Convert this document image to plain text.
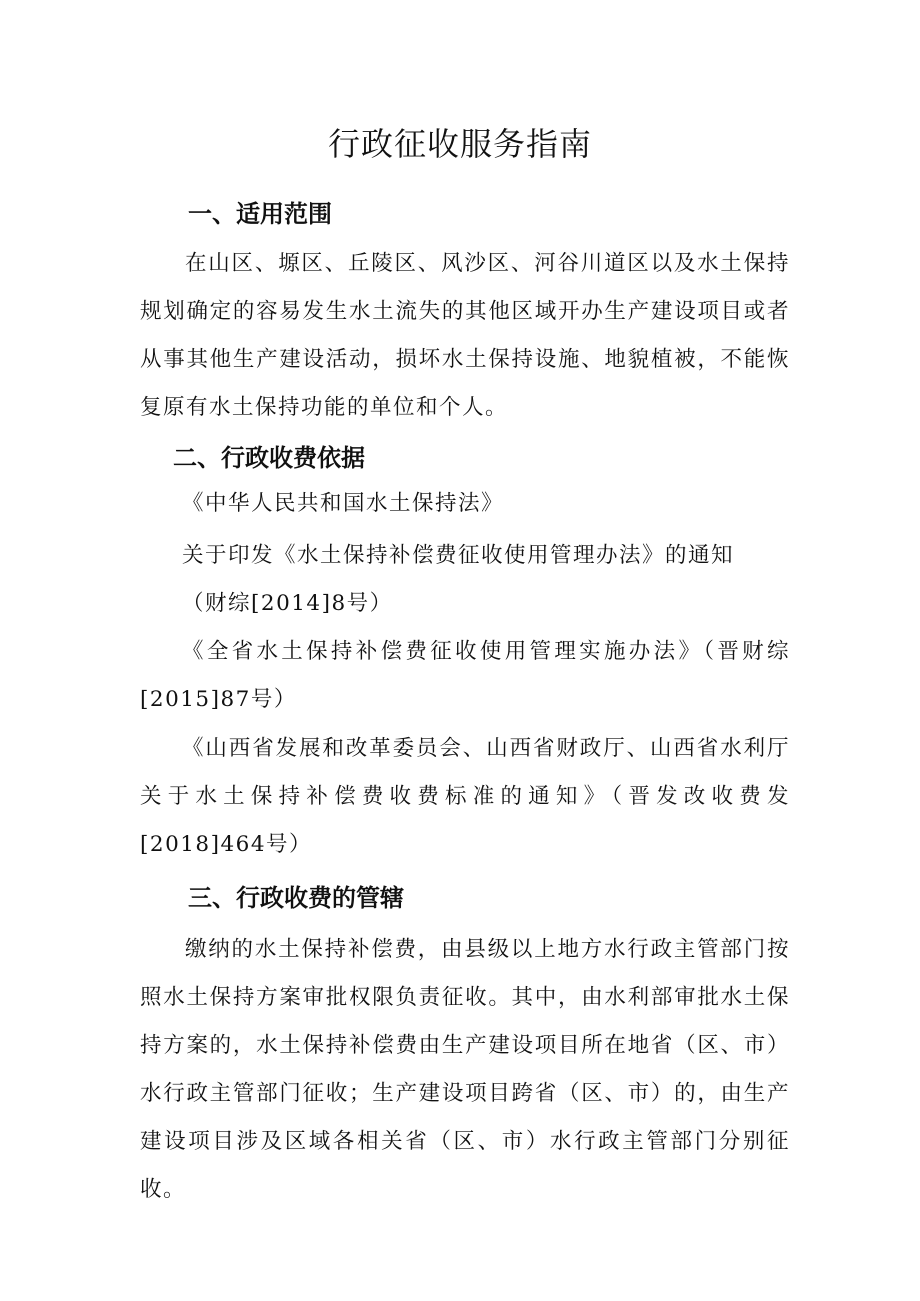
行政征收服务指南
一、适用范围
在山区、塬区、丘陵区、风沙区、河谷川道区以及水土保持规划确定的容易发生水土流失的其他区域开办生产建设项目或者从事其他生产建设活动，损坏水土保持设施、地貌植被，不能恢复原有水土保持功能的单位和个人。
二、行政收费依据
《中华人民共和国水土保持法》
关于印发《水土保持补偿费征收使用管理办法》的通知
（财综[2014]8号）
《全省水土保持补偿费征收使用管理实施办法》（晋财综[2015]87号）
《山西省发展和改革委员会、山西省财政厅、山西省水利厅关于水土保持补偿费收费标准的通知》（晋发改收费发[2018]464号）
三、行政收费的管辖
缴纳的水土保持补偿费，由县级以上地方水行政主管部门按照水土保持方案审批权限负责征收。其中，由水利部审批水土保持方案的，水土保持补偿费由生产建设项目所在地省（区、市）水行政主管部门征收；生产建设项目跨省（区、市）的，由生产建设项目涉及区域各相关省（区、市）水行政主管部门分别征收。
